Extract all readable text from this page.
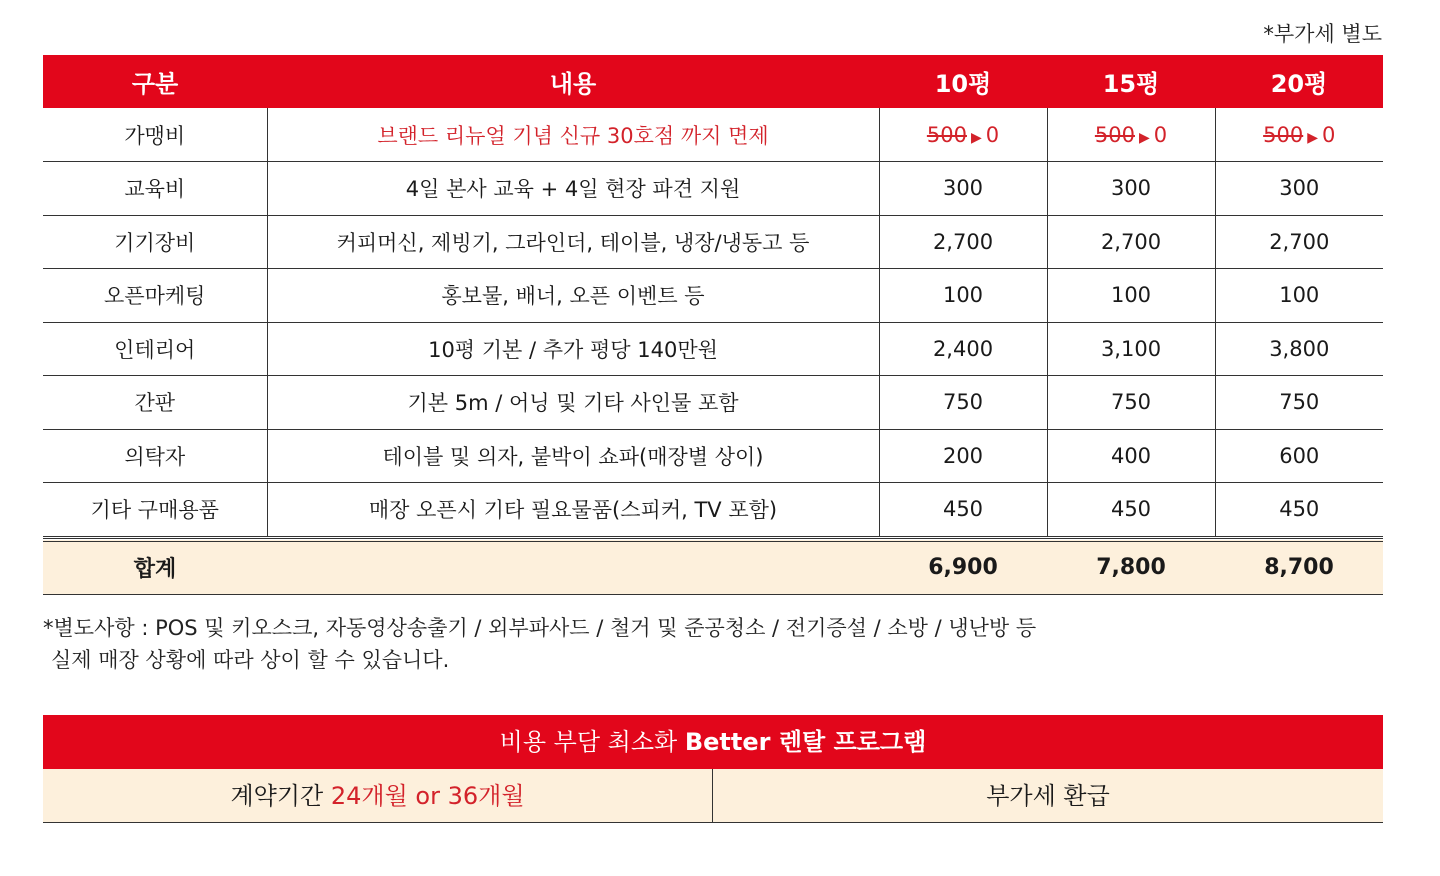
*부가세 별도
구분	내용	10평	15평	20평
가맹비	브랜드 리뉴얼 기념 신규 30호점 까지 면제	500 ▶ 0	500 ▶ 0	500 ▶ 0
교육비	4일 본사 교육 + 4일 현장 파견 지원	300	300	300
기기장비	커피머신, 제빙기, 그라인더, 테이블, 냉장/냉동고 등	2,700	2,700	2,700
오픈마케팅	홍보물, 배너, 오픈 이벤트 등	100	100	100
인테리어	10평 기본 / 추가 평당 140만원	2,400	3,100	3,800
간판	기본 5m / 어닝 및 기타 사인물 포함	750	750	750
의탁자	테이블 및 의자, 붙박이 쇼파(매장별 상이)	200	400	600
기타 구매용품	매장 오픈시 기타 필요물품(스피커, TV 포함)	450	450	450
합계		6,900	7,800	8,700
*별도사항 : POS 및 키오스크, 자동영상송출기 / 외부파사드 / 철거 및 준공청소 / 전기증설 / 소방 / 냉난방 등
실제 매장 상황에 따라 상이 할 수 있습니다.
비용 부담 최소화 Better 렌탈 프로그램
계약기간 24개월 or 36개월	부가세 환급
